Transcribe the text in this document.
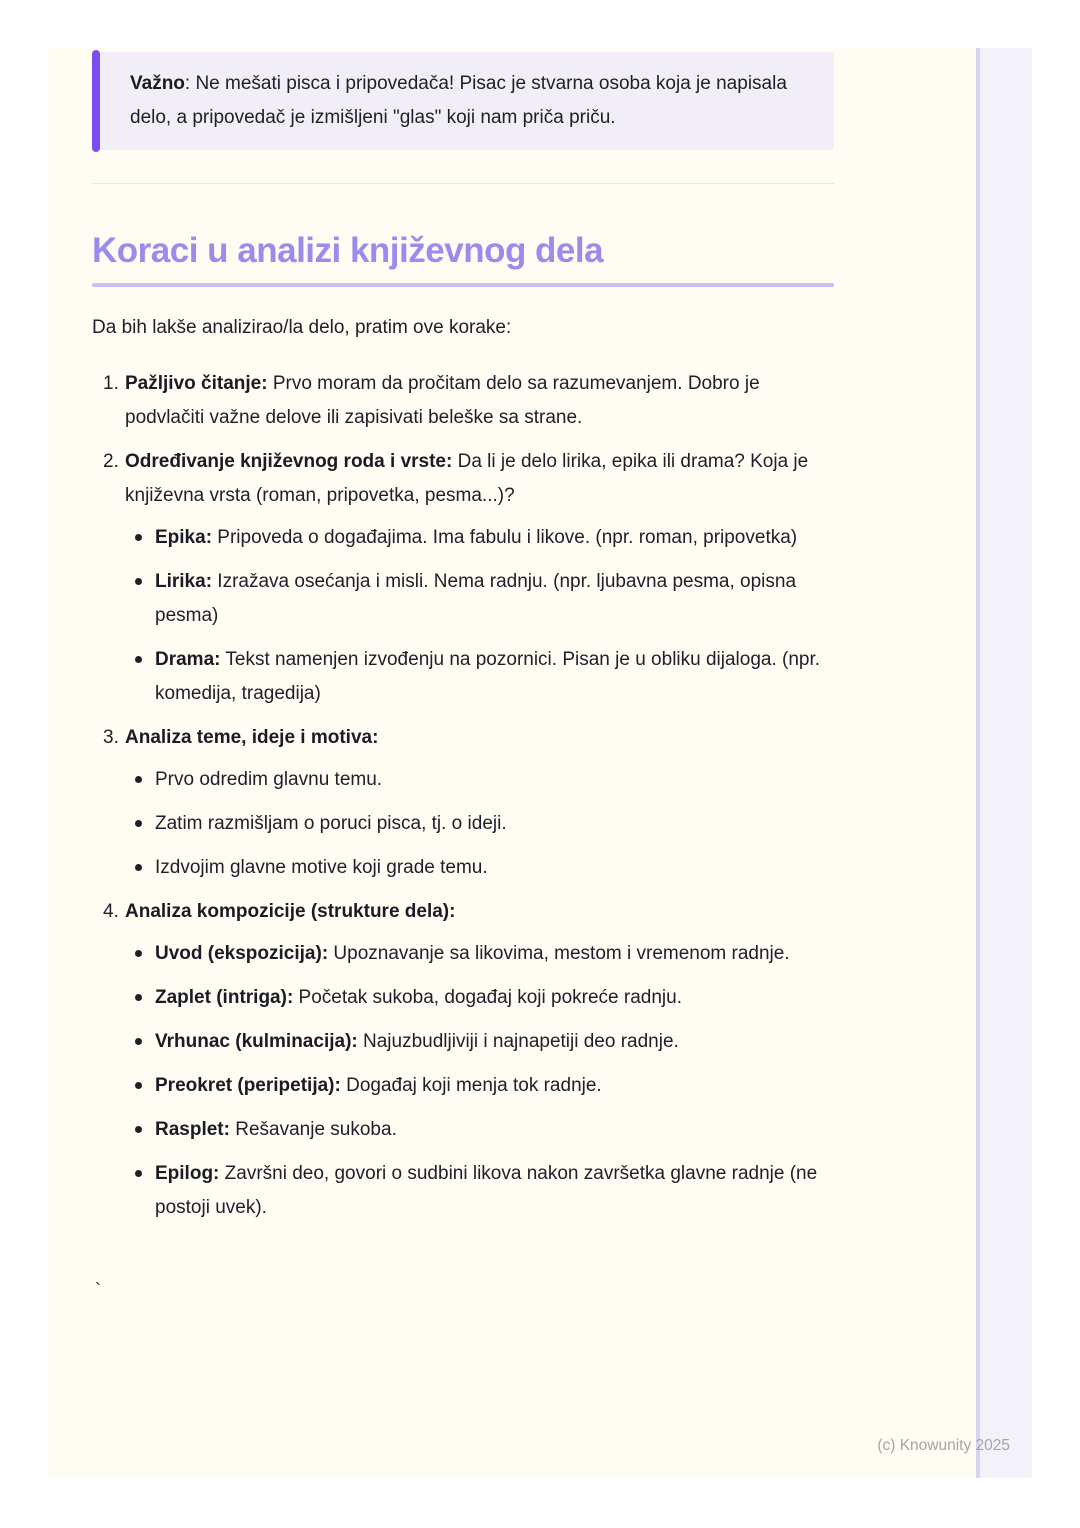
Važno: Ne mešati pisca i pripovedača! Pisac je stvarna osoba koja je napisala delo, a pripovedač je izmišljeni "glas" koji nam priča priču.
Koraci u analizi književnog dela

Da bih lakše analizirao/la delo, pratim ove korake:

1. Pažljivo čitanje: Prvo moram da pročitam delo sa razumevanjem. Dobro je podvlačiti važne delove ili zapisivati beleške sa strane.
2. Određivanje književnog roda i vrste: Da li je delo lirika, epika ili drama? Koja je književna vrsta (roman, pripovetka, pesma...)?
Epika: Pripoveda o događajima. Ima fabulu i likove. (npr. roman, pripovetka)
Lirika: Izražava osećanja i misli. Nema radnju. (npr. ljubavna pesma, opisna pesma)
Drama: Tekst namenjen izvođenju na pozornici. Pisan je u obliku dijaloga. (npr. komedija, tragedija)
3. Analiza teme, ideje i motiva:
Prvo odredim glavnu temu.
Zatim razmišljam o poruci pisca, tj. o ideji.
Izdvojim glavne motive koji grade temu.
4. Analiza kompozicije (strukture dela):
Uvod (ekspozicija): Upoznavanje sa likovima, mestom i vremenom radnje.
Zaplet (intriga): Početak sukoba, događaj koji pokreće radnju.
Vrhunac (kulminacija): Najuzbudljiviji i najnapetiji deo radnje.
Preokret (peripetija): Događaj koji menja tok radnje.
Rasplet: Rešavanje sukoba.
Epilog: Završni deo, govori o sudbini likova nakon završetka glavne radnje (ne postoji uvek).
`
(c) Knowunity 2025
